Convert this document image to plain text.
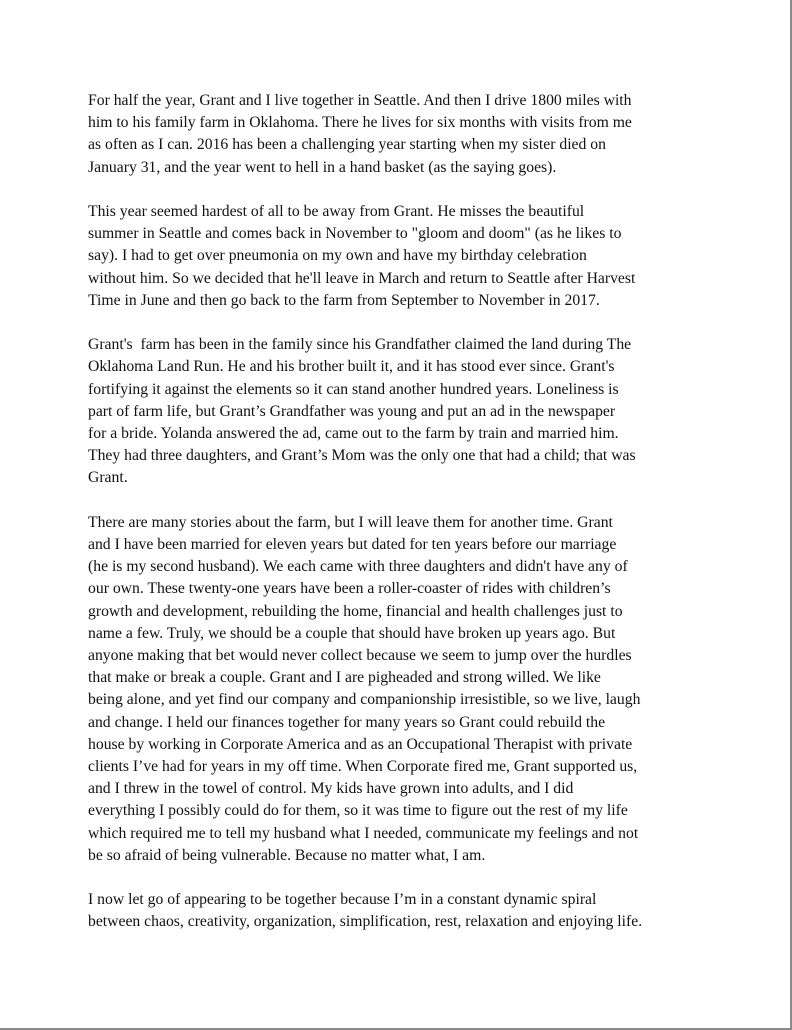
For half the year, Grant and I live together in Seattle. And then I drive 1800 miles with
him to his family farm in Oklahoma. There he lives for six months with visits from me
as often as I can. 2016 has been a challenging year starting when my sister died on
January 31, and the year went to hell in a hand basket (as the saying goes).

This year seemed hardest of all to be away from Grant. He misses the beautiful
summer in Seattle and comes back in November to "gloom and doom" (as he likes to
say). I had to get over pneumonia on my own and have my birthday celebration
without him. So we decided that he'll leave in March and return to Seattle after Harvest
Time in June and then go back to the farm from September to November in 2017.

Grant's  farm has been in the family since his Grandfather claimed the land during The
Oklahoma Land Run. He and his brother built it, and it has stood ever since. Grant's
fortifying it against the elements so it can stand another hundred years. Loneliness is
part of farm life, but Grant’s Grandfather was young and put an ad in the newspaper
for a bride. Yolanda answered the ad, came out to the farm by train and married him.
They had three daughters, and Grant’s Mom was the only one that had a child; that was
Grant.

There are many stories about the farm, but I will leave them for another time. Grant
and I have been married for eleven years but dated for ten years before our marriage
(he is my second husband). We each came with three daughters and didn't have any of
our own. These twenty-one years have been a roller-coaster of rides with children’s
growth and development, rebuilding the home, financial and health challenges just to
name a few. Truly, we should be a couple that should have broken up years ago. But
anyone making that bet would never collect because we seem to jump over the hurdles
that make or break a couple. Grant and I are pigheaded and strong willed. We like
being alone, and yet find our company and companionship irresistible, so we live, laugh
and change. I held our finances together for many years so Grant could rebuild the
house by working in Corporate America and as an Occupational Therapist with private
clients I’ve had for years in my off time. When Corporate fired me, Grant supported us,
and I threw in the towel of control. My kids have grown into adults, and I did
everything I possibly could do for them, so it was time to figure out the rest of my life
which required me to tell my husband what I needed, communicate my feelings and not
be so afraid of being vulnerable. Because no matter what, I am.

I now let go of appearing to be together because I’m in a constant dynamic spiral
between chaos, creativity, organization, simplification, rest, relaxation and enjoying life.
